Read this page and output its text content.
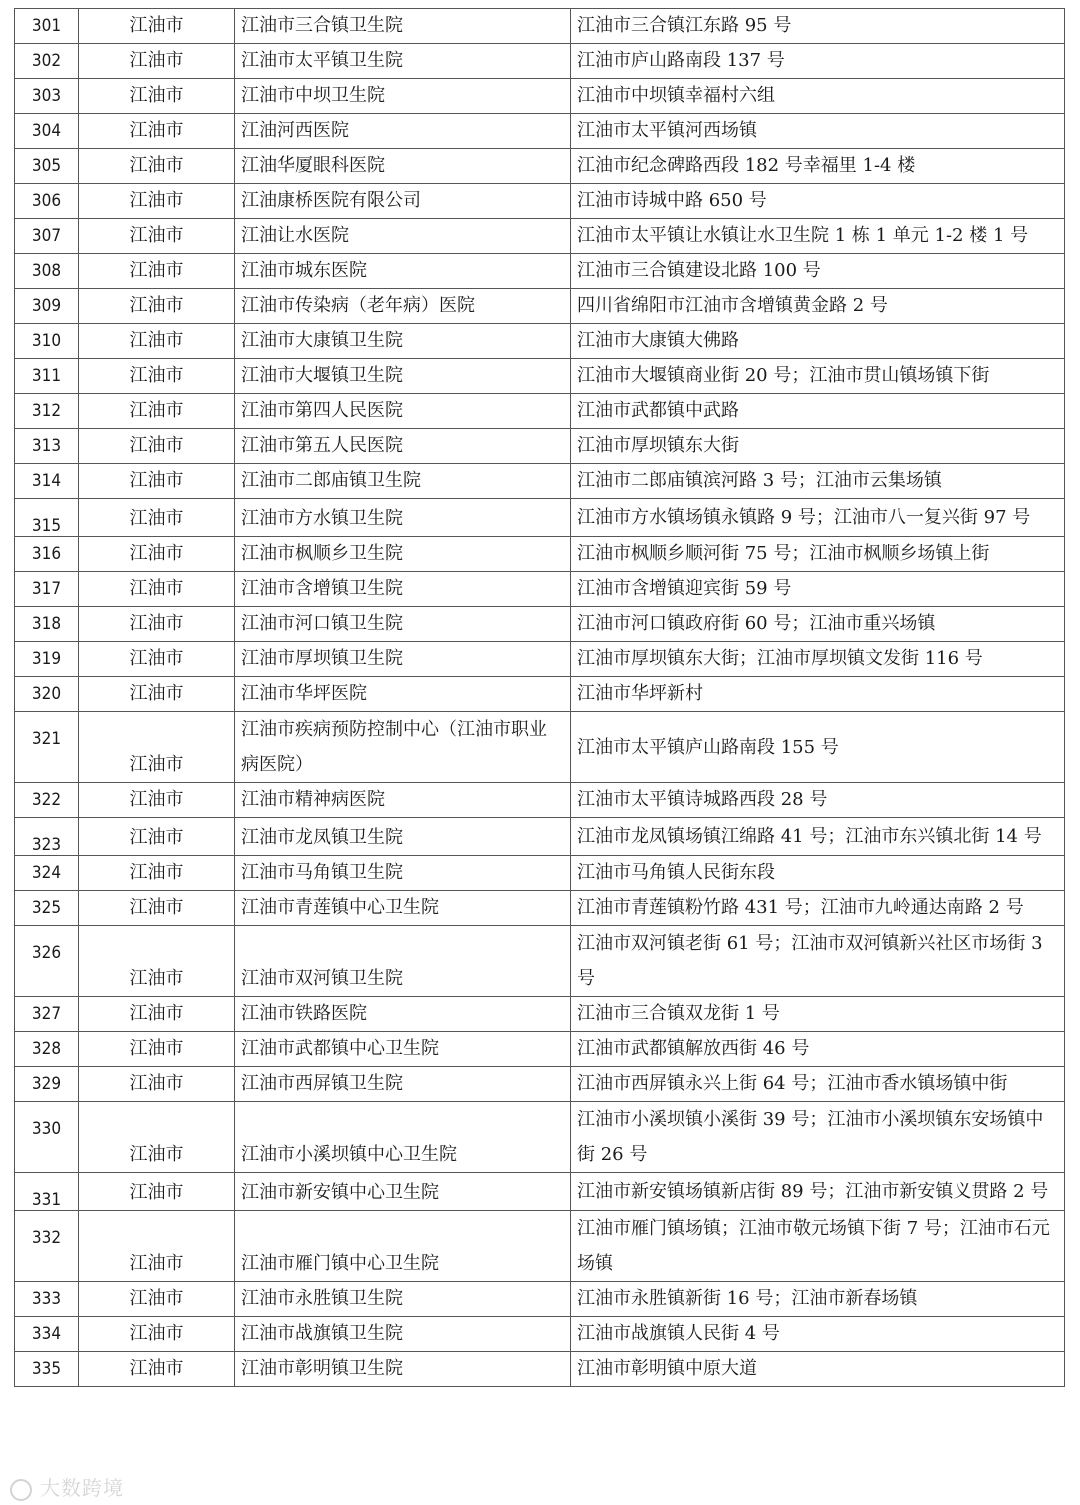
301	江油市	江油市三合镇卫生院	江油市三合镇江东路 95 号
302	江油市	江油市太平镇卫生院	江油市庐山路南段 137 号
303	江油市	江油市中坝卫生院	江油市中坝镇幸福村六组
304	江油市	江油河西医院	江油市太平镇河西场镇
305	江油市	江油华厦眼科医院	江油市纪念碑路西段 182 号幸福里 1-4 楼
306	江油市	江油康桥医院有限公司	江油市诗城中路 650 号
307	江油市	江油让水医院	江油市太平镇让水镇让水卫生院 1 栋 1 单元 1-2 楼 1 号
308	江油市	江油市城东医院	江油市三合镇建设北路 100 号
309	江油市	江油市传染病（老年病）医院	四川省绵阳市江油市含增镇黄金路 2 号
310	江油市	江油市大康镇卫生院	江油市大康镇大佛路
311	江油市	江油市大堰镇卫生院	江油市大堰镇商业街 20 号；江油市贯山镇场镇下街
312	江油市	江油市第四人民医院	江油市武都镇中武路
313	江油市	江油市第五人民医院	江油市厚坝镇东大街
314	江油市	江油市二郎庙镇卫生院	江油市二郎庙镇滨河路 3 号；江油市云集场镇
315	江油市	江油市方水镇卫生院	江油市方水镇场镇永镇路 9 号；江油市八一复兴街 97 号
316	江油市	江油市枫顺乡卫生院	江油市枫顺乡顺河街 75 号；江油市枫顺乡场镇上街
317	江油市	江油市含增镇卫生院	江油市含增镇迎宾街 59 号
318	江油市	江油市河口镇卫生院	江油市河口镇政府街 60 号；江油市重兴场镇
319	江油市	江油市厚坝镇卫生院	江油市厚坝镇东大街；江油市厚坝镇文发街 116 号
320	江油市	江油市华坪医院	江油市华坪新村
321	江油市	江油市疾病预防控制中心（江油市职业病医院）	江油市太平镇庐山路南段 155 号
322	江油市	江油市精神病医院	江油市太平镇诗城路西段 28 号
323	江油市	江油市龙凤镇卫生院	江油市龙凤镇场镇江绵路 41 号；江油市东兴镇北街 14 号
324	江油市	江油市马角镇卫生院	江油市马角镇人民街东段
325	江油市	江油市青莲镇中心卫生院	江油市青莲镇粉竹路 431 号；江油市九岭通达南路 2 号
326	江油市	江油市双河镇卫生院	江油市双河镇老街 61 号；江油市双河镇新兴社区市场街 3 号
327	江油市	江油市铁路医院	江油市三合镇双龙街 1 号
328	江油市	江油市武都镇中心卫生院	江油市武都镇解放西街 46 号
329	江油市	江油市西屏镇卫生院	江油市西屏镇永兴上街 64 号；江油市香水镇场镇中街
330	江油市	江油市小溪坝镇中心卫生院	江油市小溪坝镇小溪街 39 号；江油市小溪坝镇东安场镇中街 26 号
331	江油市	江油市新安镇中心卫生院	江油市新安镇场镇新店街 89 号；江油市新安镇义贯路 2 号
332	江油市	江油市雁门镇中心卫生院	江油市雁门镇场镇；江油市敬元场镇下街 7 号；江油市石元场镇
333	江油市	江油市永胜镇卫生院	江油市永胜镇新街 16 号；江油市新春场镇
334	江油市	江油市战旗镇卫生院	江油市战旗镇人民街 4 号
335	江油市	江油市彰明镇卫生院	江油市彰明镇中原大道
大数跨境
